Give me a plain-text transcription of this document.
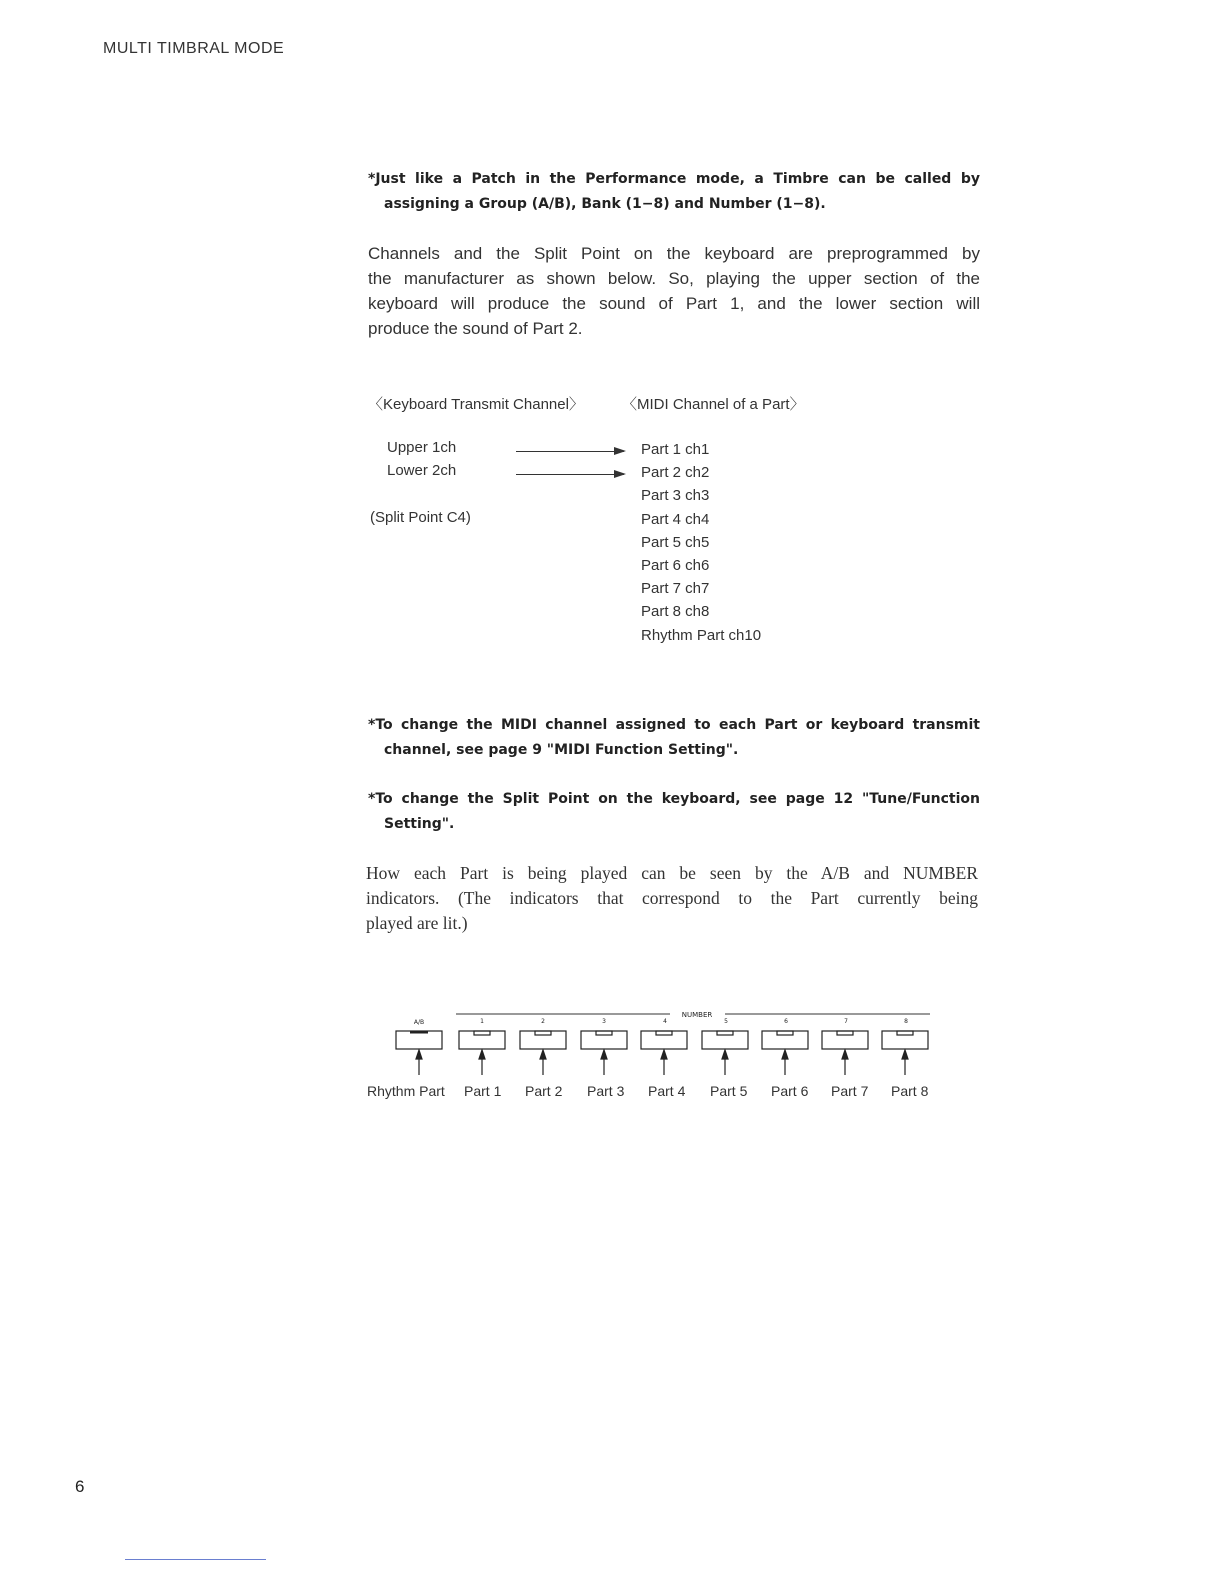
MULTI TIMBRAL MODE
*Just like a Patch in the Performance mode, a Timbre can be called by
assigning a Group (A/B), Bank (1−8) and Number (1−8).
Channels and the Split Point on the keyboard are preprogrammed by
the manufacturer as shown below. So, playing the upper section of the
keyboard will produce the sound of Part 1, and the lower section will
produce the sound of Part 2.
〈Keyboard Transmit Channel〉	〈MIDI Channel of a Part〉
Upper 1ch
Lower 2ch
(Split Point C4)
Part 1 ch1
Part 2 ch2
Part 3 ch3
Part 4 ch4
Part 5 ch5
Part 6 ch6
Part 7 ch7
Part 8 ch8
Rhythm Part ch10
*To change the MIDI channel assigned to each Part or keyboard transmit
channel, see page 9 "MIDI Function Setting".
*To change the Split Point on the keyboard, see page 12 "Tune/Function
Setting".
How each Part is being played can be seen by the A/B and NUMBER
indicators. (The indicators that correspond to the Part currently being
played are lit.)
NUMBER
A/B	1	2	3	4	5	6	7	8
Rhythm Part Part 1 Part 2 Part 3 Part 4 Part 5 Part 6 Part 7 Part 8
6
